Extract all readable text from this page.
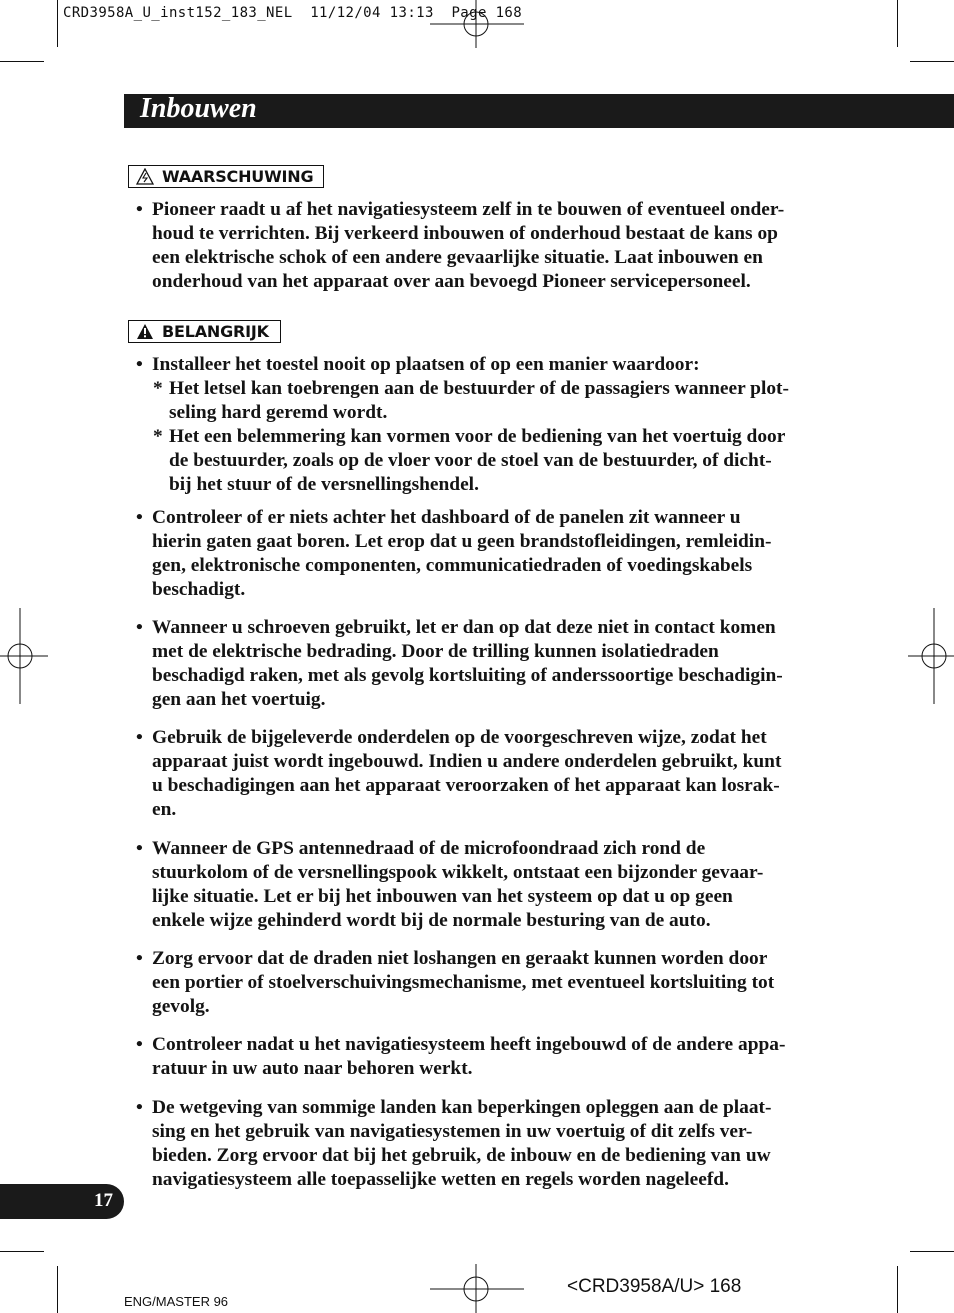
CRD3958A_U_inst152_183_NEL  11/12/04 13:13  Page 168
Inbouwen
WAARSCHUWING
• Pioneer raadt u af het navigatiesysteem zelf in te bouwen of eventueel onder-
houd te verrichten. Bij verkeerd inbouwen of onderhoud bestaat de kans op
een elektrische schok of een andere gevaarlijke situatie. Laat inbouwen en
onderhoud van het apparaat over aan bevoegd Pioneer servicepersoneel.
BELANGRIJK
• Installeer het toestel nooit op plaatsen of op een manier waardoor:
* Het letsel kan toebrengen aan de bestuurder of de passagiers wanneer plot-
seling hard geremd wordt.
* Het een belemmering kan vormen voor de bediening van het voertuig door
de bestuurder, zoals op de vloer voor de stoel van de bestuurder, of dicht-
bij het stuur of de versnellingshendel.
• Controleer of er niets achter het dashboard of de panelen zit wanneer u
hierin gaten gaat boren. Let erop dat u geen brandstofleidingen, remleidin-
gen, elektronische componenten, communicatiedraden of voedingskabels
beschadigt.
• Wanneer u schroeven gebruikt, let er dan op dat deze niet in contact komen
met de elektrische bedrading. Door de trilling kunnen isolatiedraden
beschadigd raken, met als gevolg kortsluiting of anderssoortige beschadigin-
gen aan het voertuig.
• Gebruik de bijgeleverde onderdelen op de voorgeschreven wijze, zodat het
apparaat juist wordt ingebouwd. Indien u andere onderdelen gebruikt, kunt
u beschadigingen aan het apparaat veroorzaken of het apparaat kan losrak-
en.
• Wanneer de GPS antennedraad of de microfoondraad zich rond de
stuurkolom of de versnellingspook wikkelt, ontstaat een bijzonder gevaar-
lijke situatie. Let er bij het inbouwen van het systeem op dat u op geen
enkele wijze gehinderd wordt bij de normale besturing van de auto.
• Zorg ervoor dat de draden niet loshangen en geraakt kunnen worden door
een portier of stoelverschuivingsmechanisme, met eventueel kortsluiting tot
gevolg.
• Controleer nadat u het navigatiesysteem heeft ingebouwd of de andere appa-
ratuur in uw auto naar behoren werkt.
• De wetgeving van sommige landen kan beperkingen opleggen aan de plaat-
sing en het gebruik van navigatiesystemen in uw voertuig of dit zelfs ver-
bieden. Zorg ervoor dat bij het gebruik, de inbouw en de bediening van uw
navigatiesysteem alle toepasselijke wetten en regels worden nageleefd.
17
ENG/MASTER 96
<CRD3958A/U> 168
